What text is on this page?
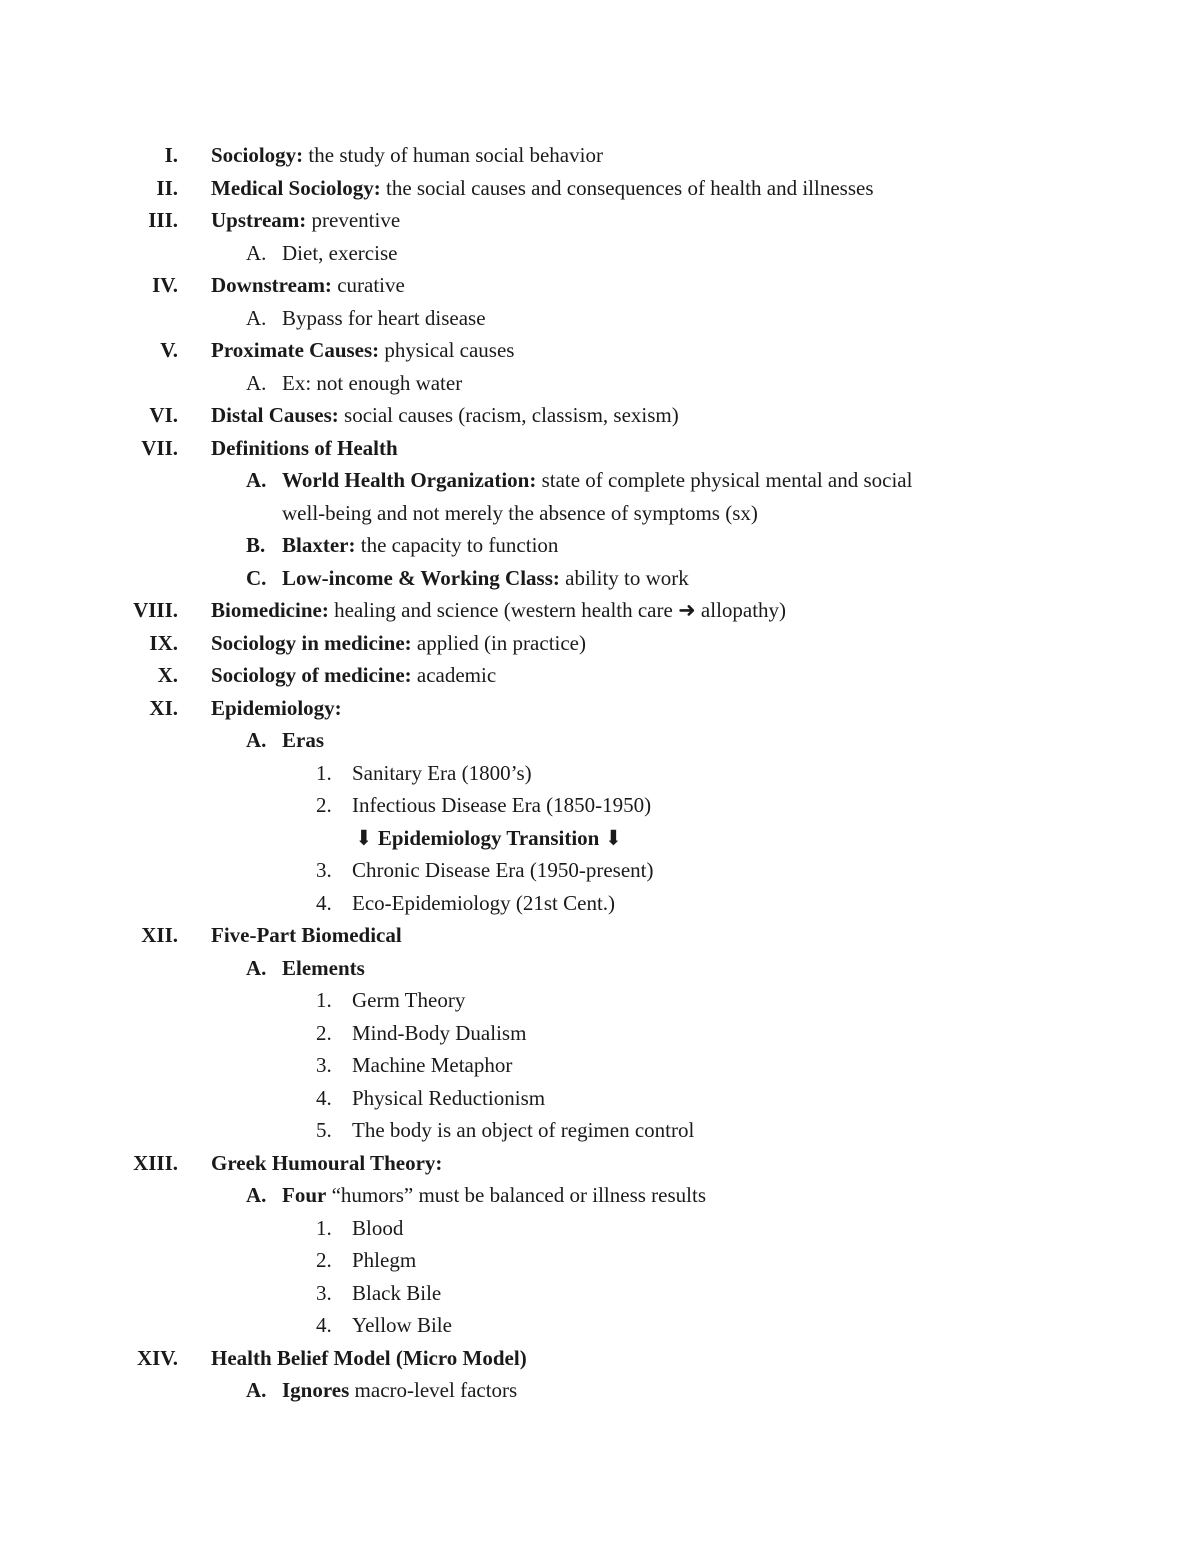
I. Sociology: the study of human social behavior
II. Medical Sociology: the social causes and consequences of health and illnesses
III. Upstream: preventive
A. Diet, exercise
IV. Downstream: curative
A. Bypass for heart disease
V. Proximate Causes: physical causes
A. Ex: not enough water
VI. Distal Causes: social causes (racism, classism, sexism)
VII. Definitions of Health
A. World Health Organization: state of complete physical mental and social
well-being and not merely the absence of symptoms (sx)
B. Blaxter: the capacity to function
C. Low-income & Working Class: ability to work
VIII. Biomedicine: healing and science (western health care ➜ allopathy)
IX. Sociology in medicine: applied (in practice)
X. Sociology of medicine: academic
XI. Epidemiology:
A. Eras
1. Sanitary Era (1800’s)
2. Infectious Disease Era (1850-1950)
⬇ Epidemiology Transition ⬇
3. Chronic Disease Era (1950-present)
4. Eco-Epidemiology (21st Cent.)
XII. Five-Part Biomedical
A. Elements
1. Germ Theory
2. Mind-Body Dualism
3. Machine Metaphor
4. Physical Reductionism
5. The body is an object of regimen control
XIII. Greek Humoural Theory:
A. Four “humors” must be balanced or illness results
1. Blood
2. Phlegm
3. Black Bile
4. Yellow Bile
XIV. Health Belief Model (Micro Model)
A. Ignores macro-level factors
